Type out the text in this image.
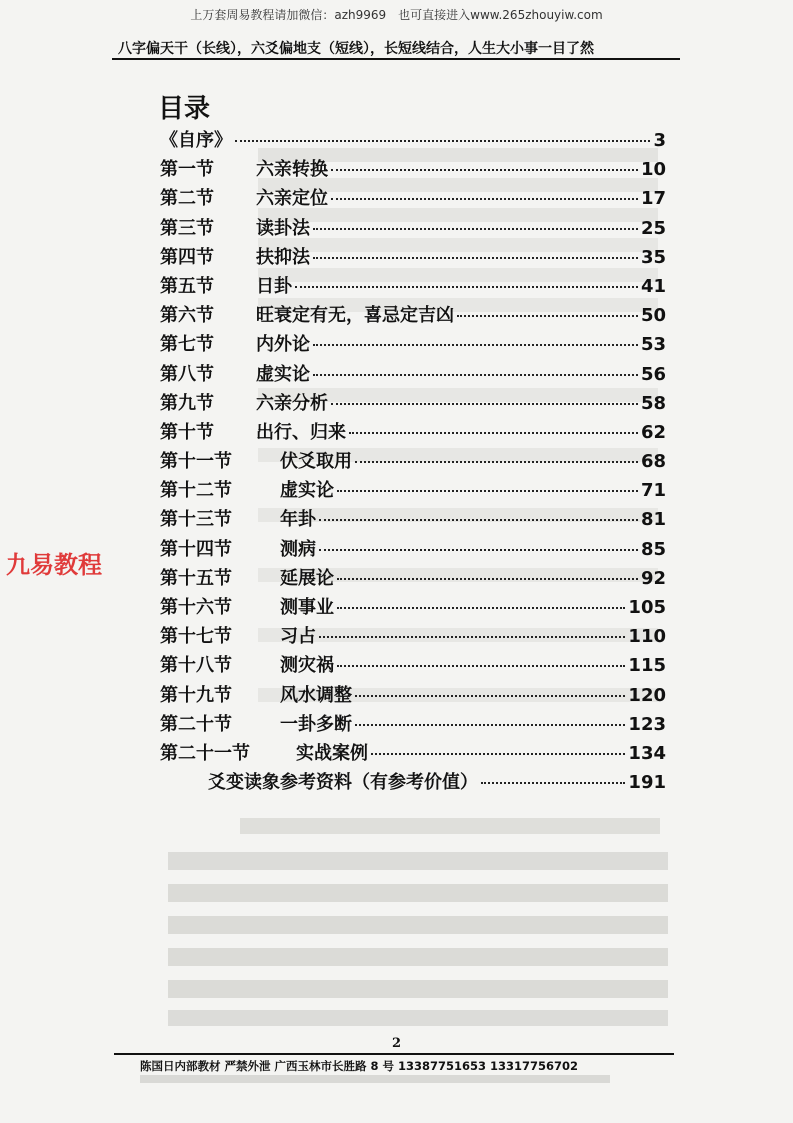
上万套周易教程请加微信：azh9969　也可直接进入www.265zhouyiw.com
八字偏天干（长线），六爻偏地支（短线），长短线结合，人生大小事一目了然
目录
《自序》	3
第一节	六亲转换	10
第二节	六亲定位	17
第三节	读卦法	25
第四节	扶抑法	35
第五节	日卦	41
第六节	旺衰定有无，喜忌定吉凶	50
第七节	内外论	53
第八节	虚实论	56
第九节	六亲分析	58
第十节	出行、归来	62
第十一节	伏爻取用	68
第十二节	虚实论	71
第十三节	年卦	81
第十四节	测病	85
第十五节	延展论	92
第十六节	测事业	105
第十七节	习占	110
第十八节	测灾祸	115
第十九节	风水调整	120
第二十节	一卦多断	123
第二十一节	实战案例	134
爻变读象参考资料（有参考价值）	191
九易教程
2
陈国日内部教材 严禁外泄 广西玉林市长胜路 8 号 13387751653 13317756702
